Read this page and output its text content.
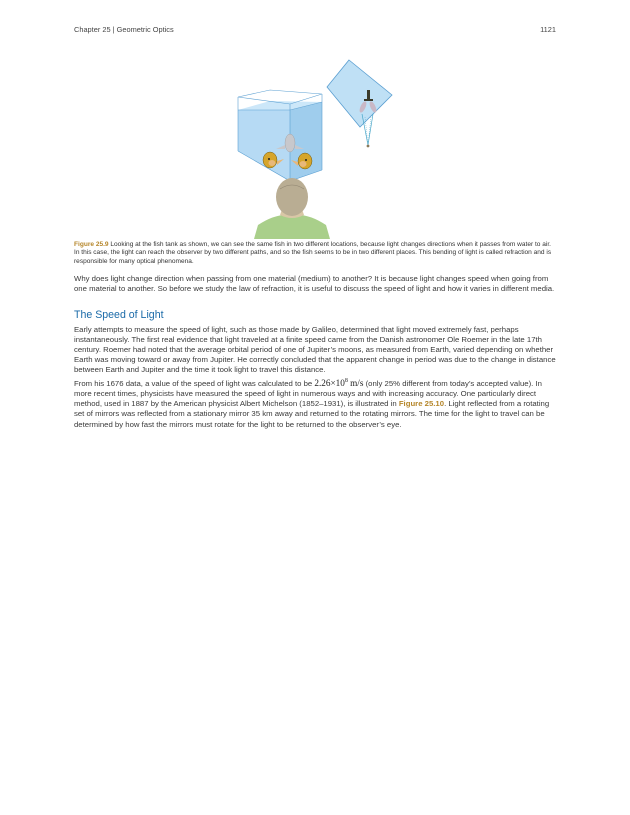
Chapter 25 | Geometric Optics	1121
Figure 25.9 Looking at the fish tank as shown, we can see the same fish in two different locations, because light changes directions when it passes from water to air. In this case, the light can reach the observer by two different paths, and so the fish seems to be in two different places. This bending of light is called refraction and is responsible for many optical phenomena.
Why does light change direction when passing from one material (medium) to another? It is because light changes speed when going from one material to another. So before we study the law of refraction, it is useful to discuss the speed of light and how it varies in different media.
The Speed of Light
Early attempts to measure the speed of light, such as those made by Galileo, determined that light moved extremely fast, perhaps instantaneously. The first real evidence that light traveled at a finite speed came from the Danish astronomer Ole Roemer in the late 17th century. Roemer had noted that the average orbital period of one of Jupiter’s moons, as measured from Earth, varied depending on whether Earth was moving toward or away from Jupiter. He correctly concluded that the apparent change in period was due to the change in distance between Earth and Jupiter and the time it took light to travel this distance.
From his 1676 data, a value of the speed of light was calculated to be $2.26\times 10^8$ m/s (only 25% different from today’s accepted value). In more recent times, physicists have measured the speed of light in numerous ways and with increasing accuracy. One particularly direct method, used in 1887 by the American physicist Albert Michelson (1852–1931), is illustrated in Figure 25.10. Light reflected from a rotating set of mirrors was reflected from a stationary mirror 35 km away and returned to the rotating mirrors. The time for the light to travel can be determined by how fast the mirrors must rotate for the light to be returned to the observer’s eye.
